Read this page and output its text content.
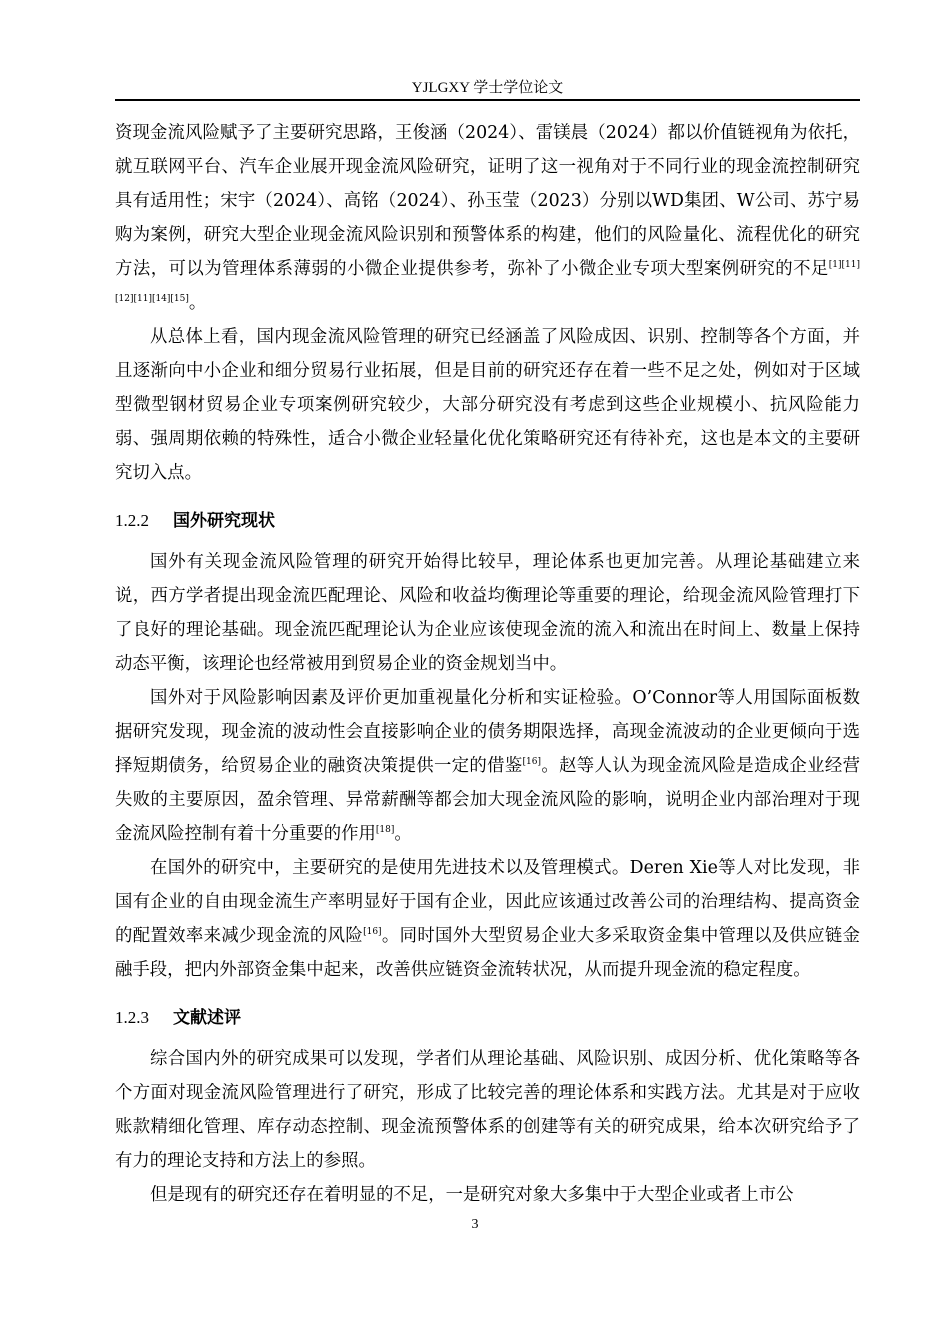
YJLGXY 学士学位论文

资现金流风险赋予了主要研究思路，王俊涵（2024）、雷镁晨（2024）都以价值链视角为依托，就互联网平台、汽车企业展开现金流风险研究，证明了这一视角对于不同行业的现金流控制研究具有适用性；宋宇（2024）、高铭（2024）、孙玉莹（2023）分别以WD集团、W公司、苏宁易购为案例，研究大型企业现金流风险识别和预警体系的构建，他们的风险量化、流程优化的研究方法，可以为管理体系薄弱的小微企业提供参考，弥补了小微企业专项大型案例研究的不足[1][11][12][11][14][15]。

从总体上看，国内现金流风险管理的研究已经涵盖了风险成因、识别、控制等各个方面，并且逐渐向中小企业和细分贸易行业拓展，但是目前的研究还存在着一些不足之处，例如对于区域型微型钢材贸易企业专项案例研究较少，大部分研究没有考虑到这些企业规模小、抗风险能力弱、强周期依赖的特殊性，适合小微企业轻量化优化策略研究还有待补充，这也是本文的主要研究切入点。

1.2.2 国外研究现状

国外有关现金流风险管理的研究开始得比较早，理论体系也更加完善。从理论基础建立来说，西方学者提出现金流匹配理论、风险和收益均衡理论等重要的理论，给现金流风险管理打下了良好的理论基础。现金流匹配理论认为企业应该使现金流的流入和流出在时间上、数量上保持动态平衡，该理论也经常被用到贸易企业的资金规划当中。

国外对于风险影响因素及评价更加重视量化分析和实证检验。O’Connor等人用国际面板数据研究发现，现金流的波动性会直接影响企业的债务期限选择，高现金流波动的企业更倾向于选择短期债务，给贸易企业的融资决策提供一定的借鉴[16]。赵等人认为现金流风险是造成企业经营失败的主要原因，盈余管理、异常薪酬等都会加大现金流风险的影响，说明企业内部治理对于现金流风险控制有着十分重要的作用[18]。

在国外的研究中，主要研究的是使用先进技术以及管理模式。Deren Xie等人对比发现，非国有企业的自由现金流生产率明显好于国有企业，因此应该通过改善公司的治理结构、提高资金的配置效率来减少现金流的风险[16]。同时国外大型贸易企业大多采取资金集中管理以及供应链金融手段，把内外部资金集中起来，改善供应链资金流转状况，从而提升现金流的稳定程度。

1.2.3 文献述评

综合国内外的研究成果可以发现，学者们从理论基础、风险识别、成因分析、优化策略等各个方面对现金流风险管理进行了研究，形成了比较完善的理论体系和实践方法。尤其是对于应收账款精细化管理、库存动态控制、现金流预警体系的创建等有关的研究成果，给本次研究给予了有力的理论支持和方法上的参照。

但是现有的研究还存在着明显的不足，一是研究对象大多集中于大型企业或者上市公

3
